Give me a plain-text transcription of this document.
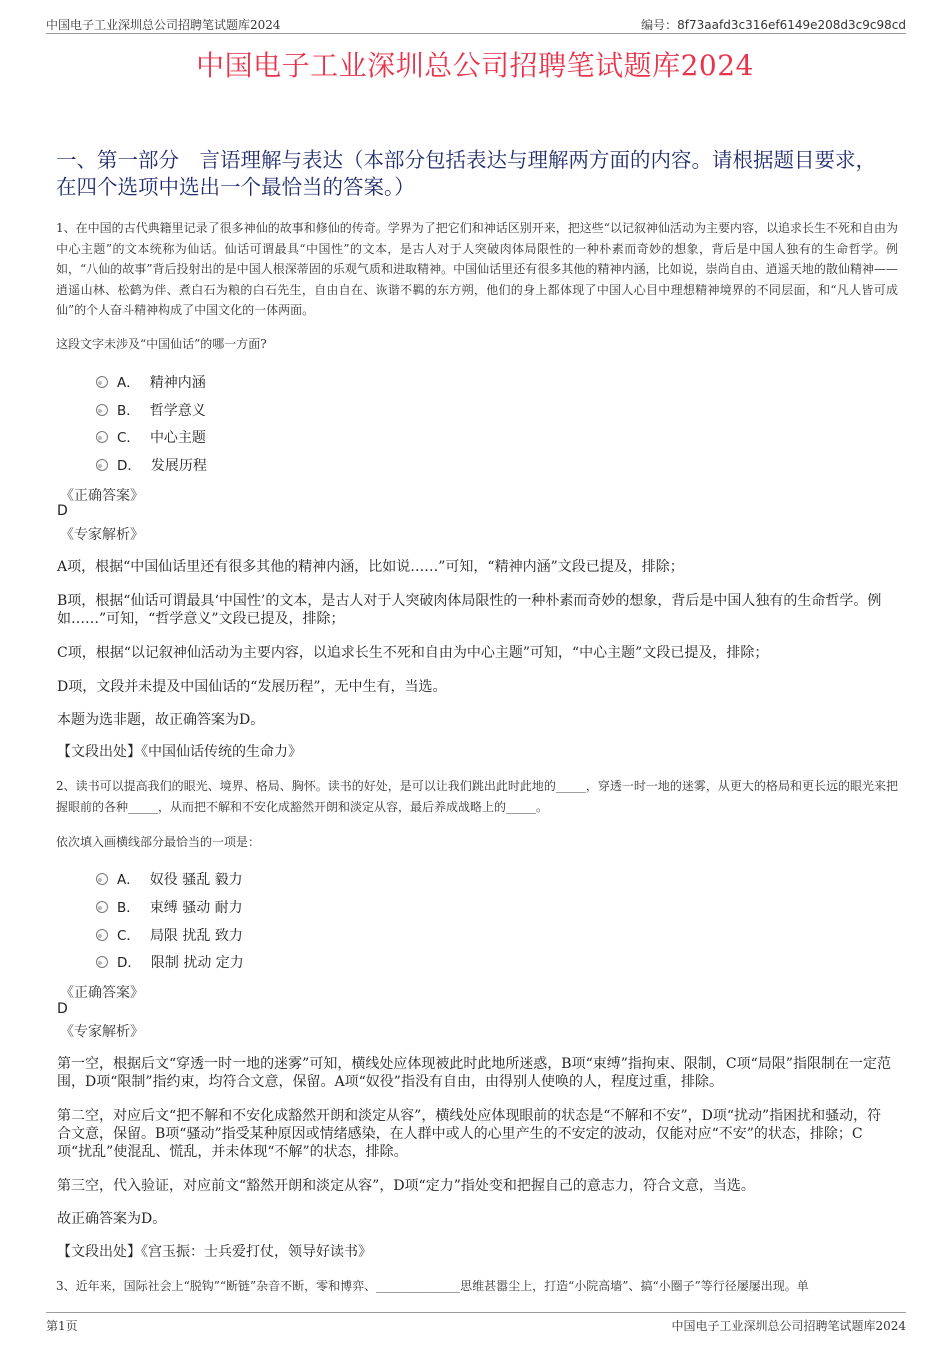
中国电子工业深圳总公司招聘笔试题库2024	编号：8f73aafd3c316ef6149e208d3c9c98cd
中国电子工业深圳总公司招聘笔试题库2024
一、第一部分　言语理解与表达（本部分包括表达与理解两方面的内容。请根据题目要求，在四个选项中选出一个最恰当的答案。）
1、在中国的古代典籍里记录了很多神仙的故事和修仙的传奇。学界为了把它们和神话区别开来，把这些“以记叙神仙活动为主要内容，以追求长生不死和自由为中心主题”的文本统称为仙话。仙话可谓最具“中国性”的文本，是古人对于人突破肉体局限性的一种朴素而奇妙的想象，背后是中国人独有的生命哲学。例如，“八仙的故事”背后投射出的是中国人根深蒂固的乐观气质和进取精神。中国仙话里还有很多其他的精神内涵，比如说，崇尚自由、逍遥天地的散仙精神——逍遥山林、松鹤为伴、煮白石为粮的白石先生，自由自在、诙谐不羁的东方朔，他们的身上都体现了中国人心目中理想精神境界的不同层面，和“凡人皆可成仙”的个人奋斗精神构成了中国文化的一体两面。
这段文字未涉及“中国仙话”的哪一方面?
A． 精神内涵
B． 哲学意义
C． 中心主题
D． 发展历程
《正确答案》
D
《专家解析》
A项，根据“中国仙话里还有很多其他的精神内涵，比如说……”可知，“精神内涵”文段已提及，排除；
B项，根据“仙话可谓最具‘中国性’的文本，是古人对于人突破肉体局限性的一种朴素而奇妙的想象，背后是中国人独有的生命哲学。例如……”可知，“哲学意义”文段已提及，排除；
C项，根据“以记叙神仙活动为主要内容，以追求长生不死和自由为中心主题”可知，“中心主题”文段已提及，排除；
D项，文段并未提及中国仙话的“发展历程”，无中生有，当选。
本题为选非题，故正确答案为D。
【文段出处】《中国仙话传统的生命力》
2、读书可以提高我们的眼光、境界、格局、胸怀。读书的好处，是可以让我们跳出此时此地的_____，穿透一时一地的迷雾，从更大的格局和更长远的眼光来把握眼前的各种_____，从而把不解和不安化成豁然开朗和淡定从容，最后养成战略上的_____。
依次填入画横线部分最恰当的一项是：
A． 奴役 骚乱 毅力
B． 束缚 骚动 耐力
C． 局限 扰乱 致力
D． 限制 扰动 定力
《正确答案》
D
《专家解析》
第一空，根据后文“穿透一时一地的迷雾”可知，横线处应体现被此时此地所迷惑，B项“束缚”指拘束、限制，C项“局限”指限制在一定范围，D项“限制”指约束，均符合文意，保留。A项“奴役”指没有自由，由得别人使唤的人，程度过重，排除。
第二空，对应后文“把不解和不安化成豁然开朗和淡定从容”，横线处应体现眼前的状态是“不解和不安”，D项“扰动”指困扰和骚动，符合文意，保留。B项“骚动”指受某种原因或情绪感染，在人群中或人的心里产生的不安定的波动，仅能对应“不安”的状态，排除；C项“扰乱”使混乱、慌乱，并未体现“不解”的状态，排除。
第三空，代入验证，对应前文“豁然开朗和淡定从容”，D项“定力”指处变和把握自己的意志力，符合文意，当选。
故正确答案为D。
【文段出处】《宫玉振：士兵爱打仗，领导好读书》
3、近年来，国际社会上“脱钩”“断链”杂音不断，零和博弈、______________思维甚嚣尘上，打造“小院高墙”、搞“小圈子”等行径屡屡出现。单
第1页	中国电子工业深圳总公司招聘笔试题库2024
